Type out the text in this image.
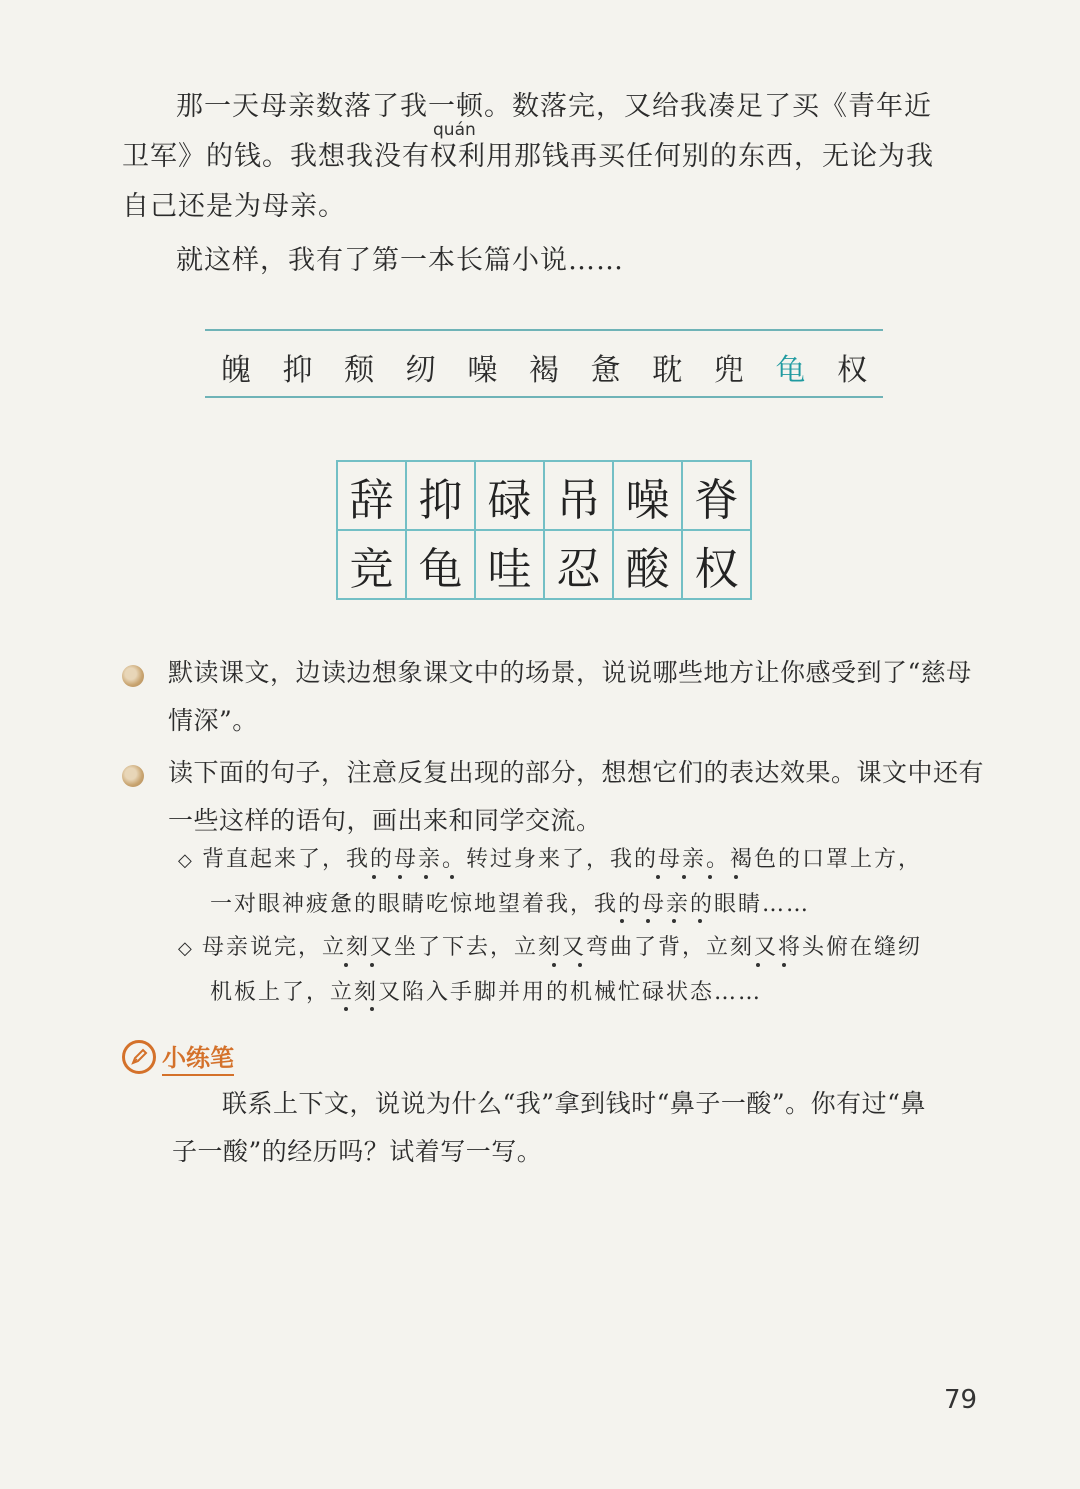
quán
那一天母亲数落了我一顿。数落完，又给我凑足了买《青年近
卫军》的钱。我想我没有权利用那钱再买任何别的东西，无论为我
自己还是为母亲。
就这样，我有了第一本长篇小说……
魄 抑 颓 纫 噪 褐 惫 耽 兜 龟 权
辞 抑 碌 吊 噪 脊
竞 龟 哇 忍 酸 权
默读课文，边读边想象课文中的场景，说说哪些地方让你感受到了“慈母
情深”。
读下面的句子，注意反复出现的部分，想想它们的表达效果。课文中还有
一些这样的语句，画出来和同学交流。
◇ 背直起来了，我的母亲。转过身来了，我的母亲。褐色的口罩上方，
一对眼神疲惫的眼睛吃惊地望着我，我的母亲的眼睛……
◇ 母亲说完，立刻又坐了下去，立刻又弯曲了背，立刻又将头俯在缝纫
机板上了，立刻又陷入手脚并用的机械忙碌状态……
小练笔
联系上下文，说说为什么“我”拿到钱时“鼻子一酸”。你有过“鼻
子一酸”的经历吗？试着写一写。
79
